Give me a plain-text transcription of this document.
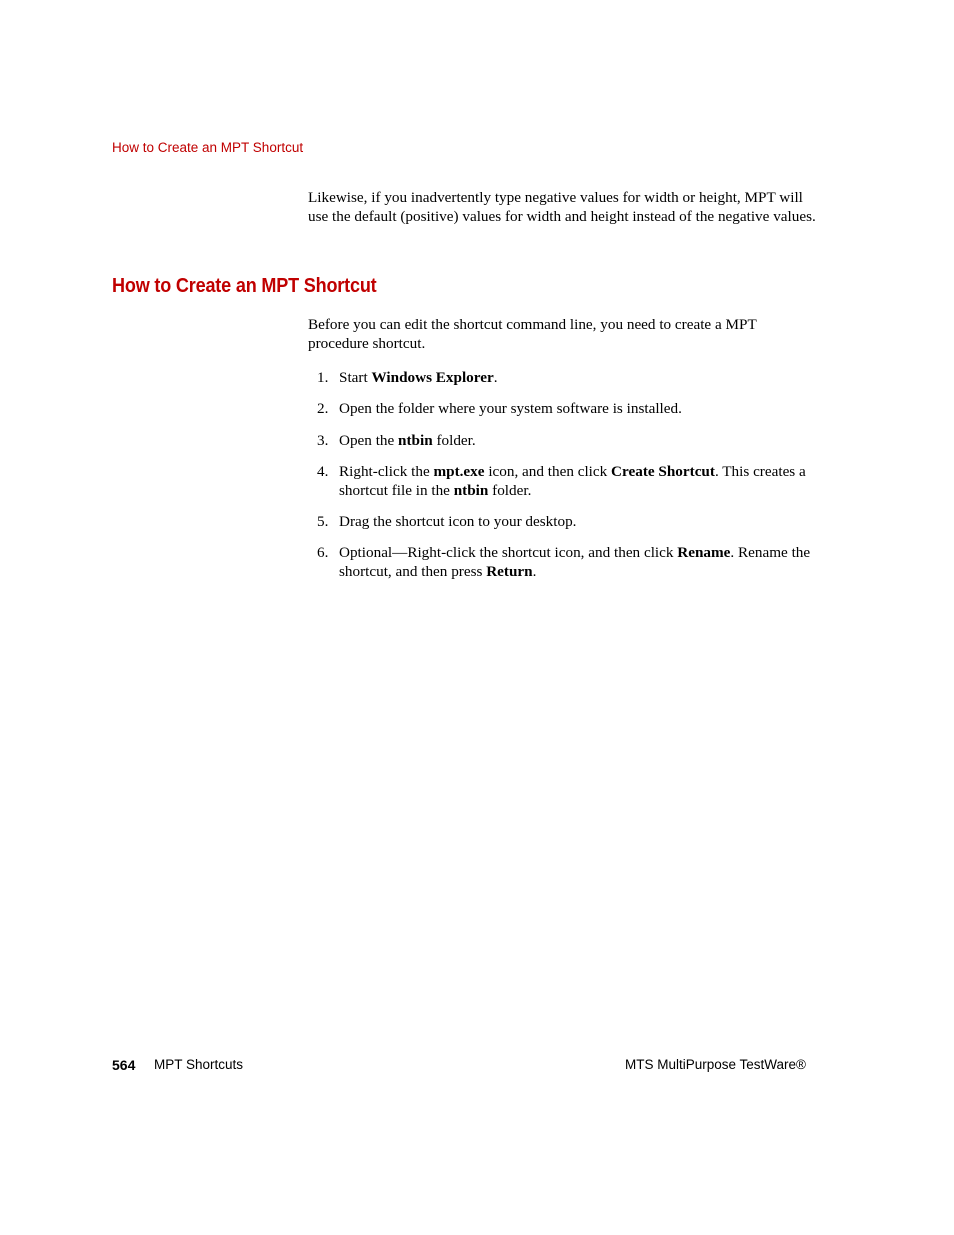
How to Create an MPT Shortcut

Likewise, if you inadvertently type negative values for width or height, MPT will use the default (positive) values for width and height instead of the negative values.

How to Create an MPT Shortcut

Before you can edit the shortcut command line, you need to create a MPT procedure shortcut.

1. Start Windows Explorer.
2. Open the folder where your system software is installed.
3. Open the ntbin folder.
4. Right-click the mpt.exe icon, and then click Create Shortcut. This creates a shortcut file in the ntbin folder.
5. Drag the shortcut icon to your desktop.
6. Optional—Right-click the shortcut icon, and then click Rename. Rename the shortcut, and then press Return.
564 MPT Shortcuts	MTS MultiPurpose TestWare®
